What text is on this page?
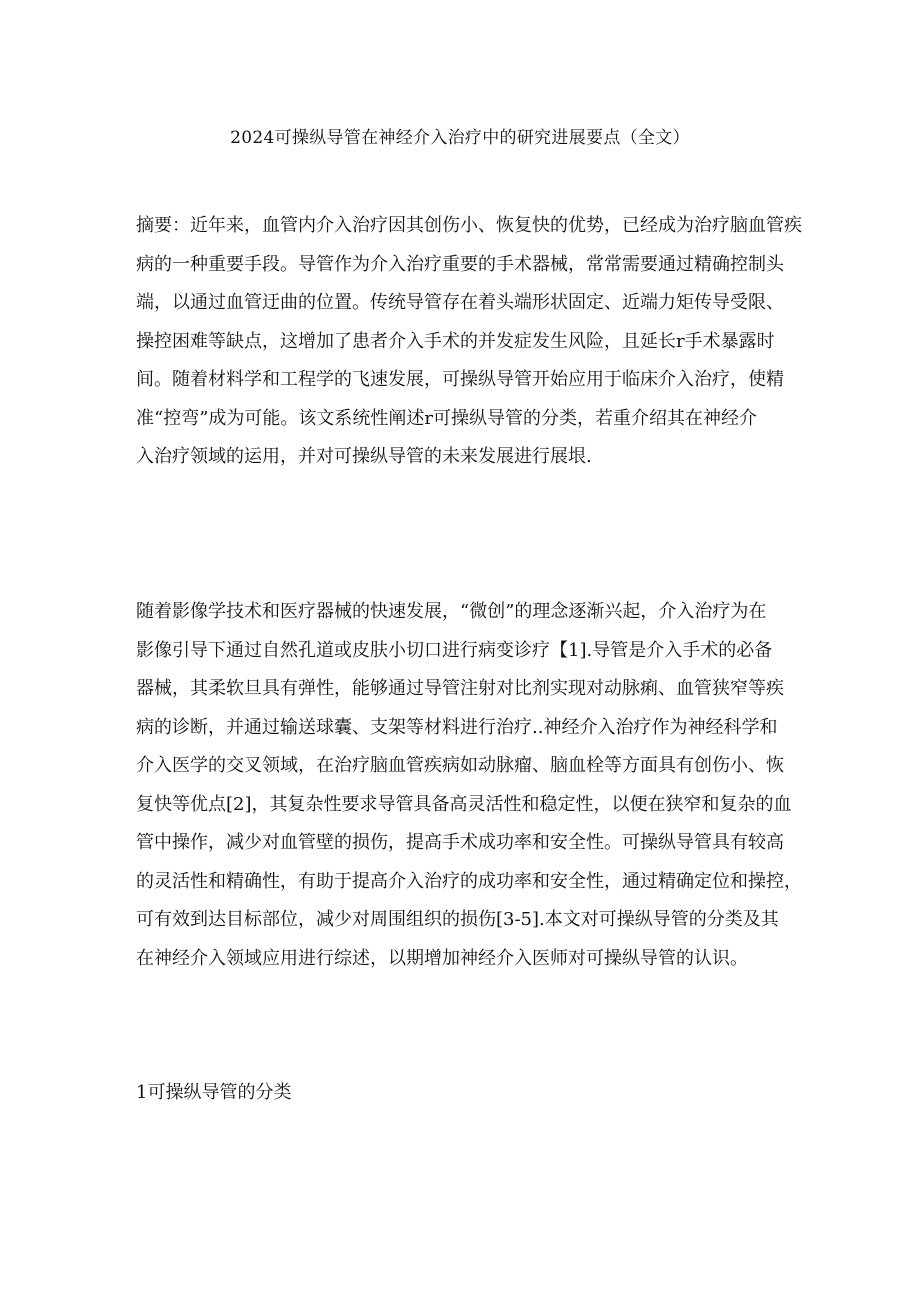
2024可操纵导管在神经介入治疗中的研究进展要点（全文）
摘要：近年来，血管内介入治疗因其创伤小、恢复快的优势，已经成为治疗脑血管疾
病的一种重要手段。导管作为介入治疗重要的手术器械，常常需要通过精确控制头
端，以通过血管迂曲的位置。传统导管存在着头端形状固定、近端力矩传导受限、
操控困难等缺点，这增加了患者介入手术的并发症发生风险，且延长r手术暴露时
间。随着材料学和工程学的飞速发展，可操纵导管开始应用于临床介入治疗，使精
准“控弯”成为可能。该文系统性阐述r可操纵导管的分类，若重介绍其在神经介
入治疗领域的运用，并对可操纵导管的未来发展进行展垠.
随着影像学技术和医疗器械的快速发展，“微创”的理念逐渐兴起，介入治疗为在
影像引导下通过自然孔道或皮肤小切口进行病变诊疗【1].导管是介入手术的必备
器械，其柔软旦具有弹性，能够通过导管注射对比剂实现对动脉痢、血管狭窄等疾
病的诊断，并通过输送球囊、支架等材料进行治疗..神经介入治疗作为神经科学和
介入医学的交叉领域，在治疗脑血管疾病如动脉瘤、脑血栓等方面具有创伤小、恢
复快等优点[2]，其复杂性要求导管具备高灵活性和稳定性，以便在狭窄和复杂的血
管中操作，减少对血管壁的损伤，提高手术成功率和安全性。可操纵导管具有较高
的灵活性和精确性，有助于提高介入治疗的成功率和安全性，通过精确定位和操控，
可有效到达目标部位，减少对周围组织的损伤[3-5].本文对可操纵导管的分类及其
在神经介入领域应用进行综述，以期增加神经介入医师对可操纵导管的认识。
1可操纵导管的分类
